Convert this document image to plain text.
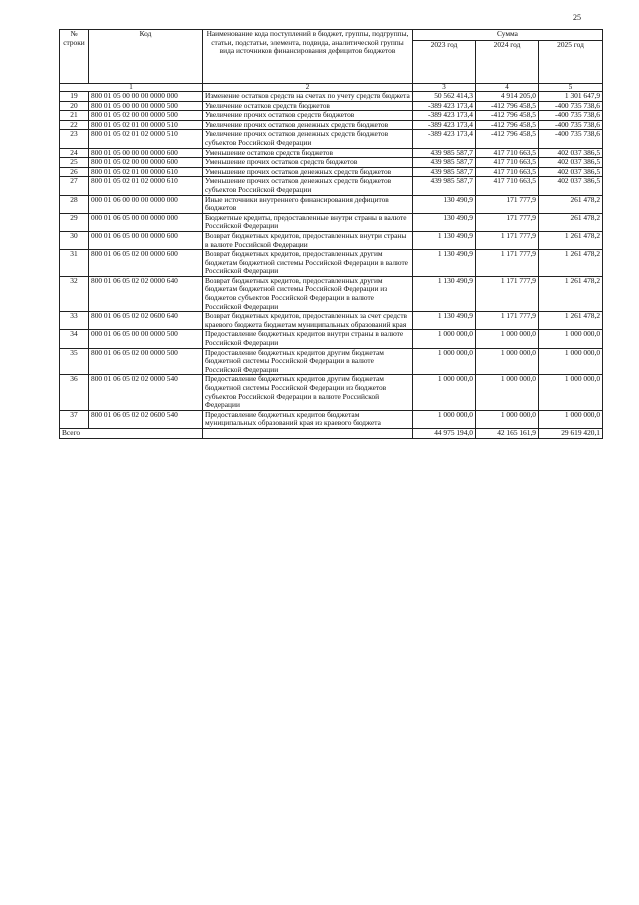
25
№ строки	Код	Наименование кода поступлений в бюджет, группы, подгруппы, статьи, подстатьи, элемента, подвида, аналитической группы вида источников финансирования дефицитов бюджетов	Сумма		
			2023 год	2024 год	2025 год
1		2	3	4	5
19	800 01 05 00 00 00 0000 000	Изменение остатков средств на счетах по учету средств бюджета	50 562 414,3	4 914 205,0	1 301 647,9
20	800 01 05 00 00 00 0000 500	Увеличение остатков средств бюджетов	-389 423 173,4	-412 796 458,5	-400 735 738,6
21	800 01 05 02 00 00 0000 500	Увеличение прочих остатков средств бюджетов	-389 423 173,4	-412 796 458,5	-400 735 738,6
22	800 01 05 02 01 00 0000 510	Увеличение прочих остатков денежных средств бюджетов	-389 423 173,4	-412 796 458,5	-400 735 738,6
23	800 01 05 02 01 02 0000 510	Увеличение прочих остатков денежных средств бюджетов субъектов Российской Федерации	-389 423 173,4	-412 796 458,5	-400 735 738,6
24	800 01 05 00 00 00 0000 600	Уменьшение остатков средств бюджетов	439 985 587,7	417 710 663,5	402 037 386,5
25	800 01 05 02 00 00 0000 600	Уменьшение прочих остатков средств бюджетов	439 985 587,7	417 710 663,5	402 037 386,5
26	800 01 05 02 01 00 0000 610	Уменьшение прочих остатков денежных средств бюджетов	439 985 587,7	417 710 663,5	402 037 386,5
27	800 01 05 02 01 02 0000 610	Уменьшение прочих остатков денежных средств бюджетов субъектов Российской Федерации	439 985 587,7	417 710 663,5	402 037 386,5
28	000 01 06 00 00 00 0000 000	Иные источники внутреннего финансирования дефицитов бюджетов	130 490,9	171 777,9	261 478,2
29	000 01 06 05 00 00 0000 000	Бюджетные кредиты, предоставленные внутри страны в валюте Российской Федерации	130 490,9	171 777,9	261 478,2
30	000 01 06 05 00 00 0000 600	Возврат бюджетных кредитов, предоставленных внутри страны в валюте Российской Федерации	1 130 490,9	1 171 777,9	1 261 478,2
31	800 01 06 05 02 00 0000 600	Возврат бюджетных кредитов, предоставленных другим бюджетам бюджетной системы Российской Федерации в валюте Российской Федерации	1 130 490,9	1 171 777,9	1 261 478,2
32	800 01 06 05 02 02 0000 640	Возврат бюджетных кредитов, предоставленных другим бюджетам бюджетной системы Российской Федерации из бюджетов субъектов Российской Федерации в валюте Российской Федерации	1 130 490,9	1 171 777,9	1 261 478,2
33	800 01 06 05 02 02 0600 640	Возврат бюджетных кредитов, предоставленных за счет средств краевого бюджета бюджетам муниципальных образований края	1 130 490,9	1 171 777,9	1 261 478,2
34	000 01 06 05 00 00 0000 500	Предоставление бюджетных кредитов внутри страны в валюте Российской Федерации	1 000 000,0	1 000 000,0	1 000 000,0
35	800 01 06 05 02 00 0000 500	Предоставление бюджетных кредитов другим бюджетам бюджетной системы Российской Федерации в валюте Российской Федерации	1 000 000,0	1 000 000,0	1 000 000,0
36	800 01 06 05 02 02 0000 540	Предоставление бюджетных кредитов другим бюджетам бюджетной системы Российской Федерации из бюджетов субъектов Российской Федерации в валюте Российской Федерации	1 000 000,0	1 000 000,0	1 000 000,0
37	800 01 06 05 02 02 0600 540	Предоставление бюджетных кредитов бюджетам муниципальных образований края из краевого бюджета	1 000 000,0	1 000 000,0	1 000 000,0
Всего			44 975 194,0	42 165 161,9	29 619 420,1
